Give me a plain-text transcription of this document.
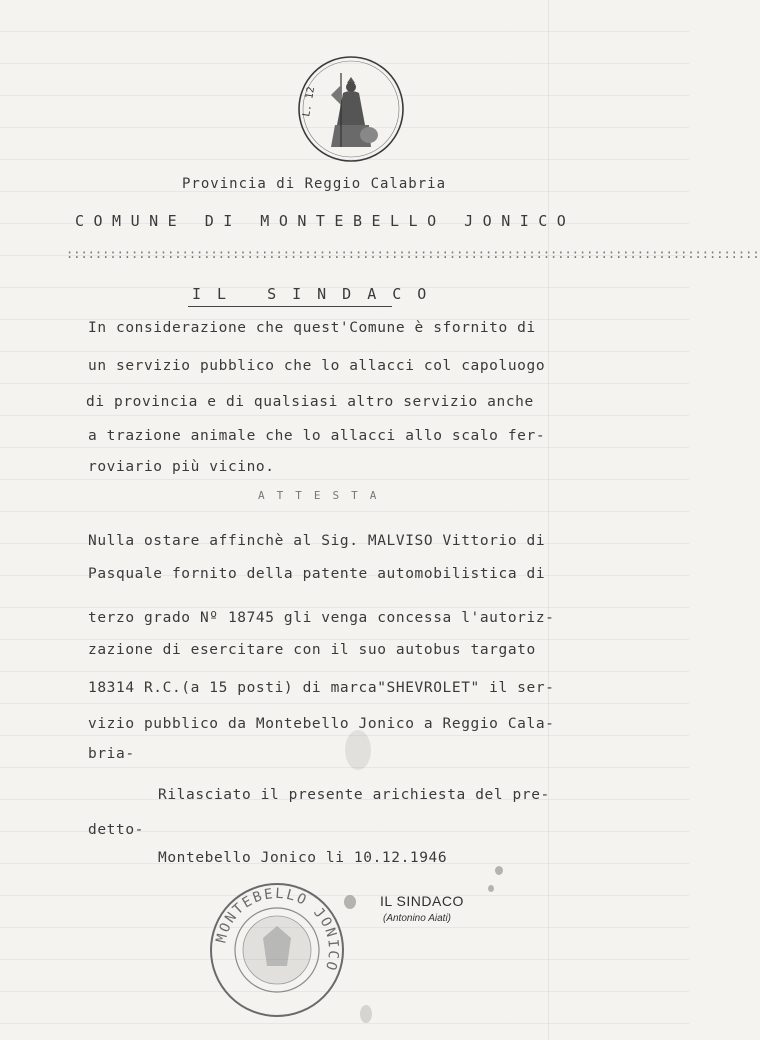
L. 12
Provincia di Reggio Calabria
COMUNE DI MONTEBELLO JONICO
::::::::::::::::::::::::::::::::::::::::::::::::::::::::::::::::::::::::::::::::::::::::::::::::
IL SINDACO
In considerazione che quest'Comune è sfornito di
un servizio pubblico che lo allacci col capoluogo
di provincia e di qualsiasi altro servizio anche
a trazione animale che lo allacci allo scalo fer-
roviario più vicino.
ATTESTA
Nulla ostare affinchè al Sig. MALVISO Vittorio di
Pasquale fornito della patente automobilistica di
terzo grado Nº 18745 gli venga concessa l'autoriz-
zazione di esercitare con il suo autobus targato
18314 R.C.(a 15 posti) di marca"SHEVROLET" il ser-
vizio pubblico da Montebello Jonico a Reggio Cala-
bria-
Rilasciato il presente arichiesta del pre-
detto-
Montebello Jonico li 10.12.1946
IL SINDACO
(Antonino Aiati)
MONTEBELLO JONICO
